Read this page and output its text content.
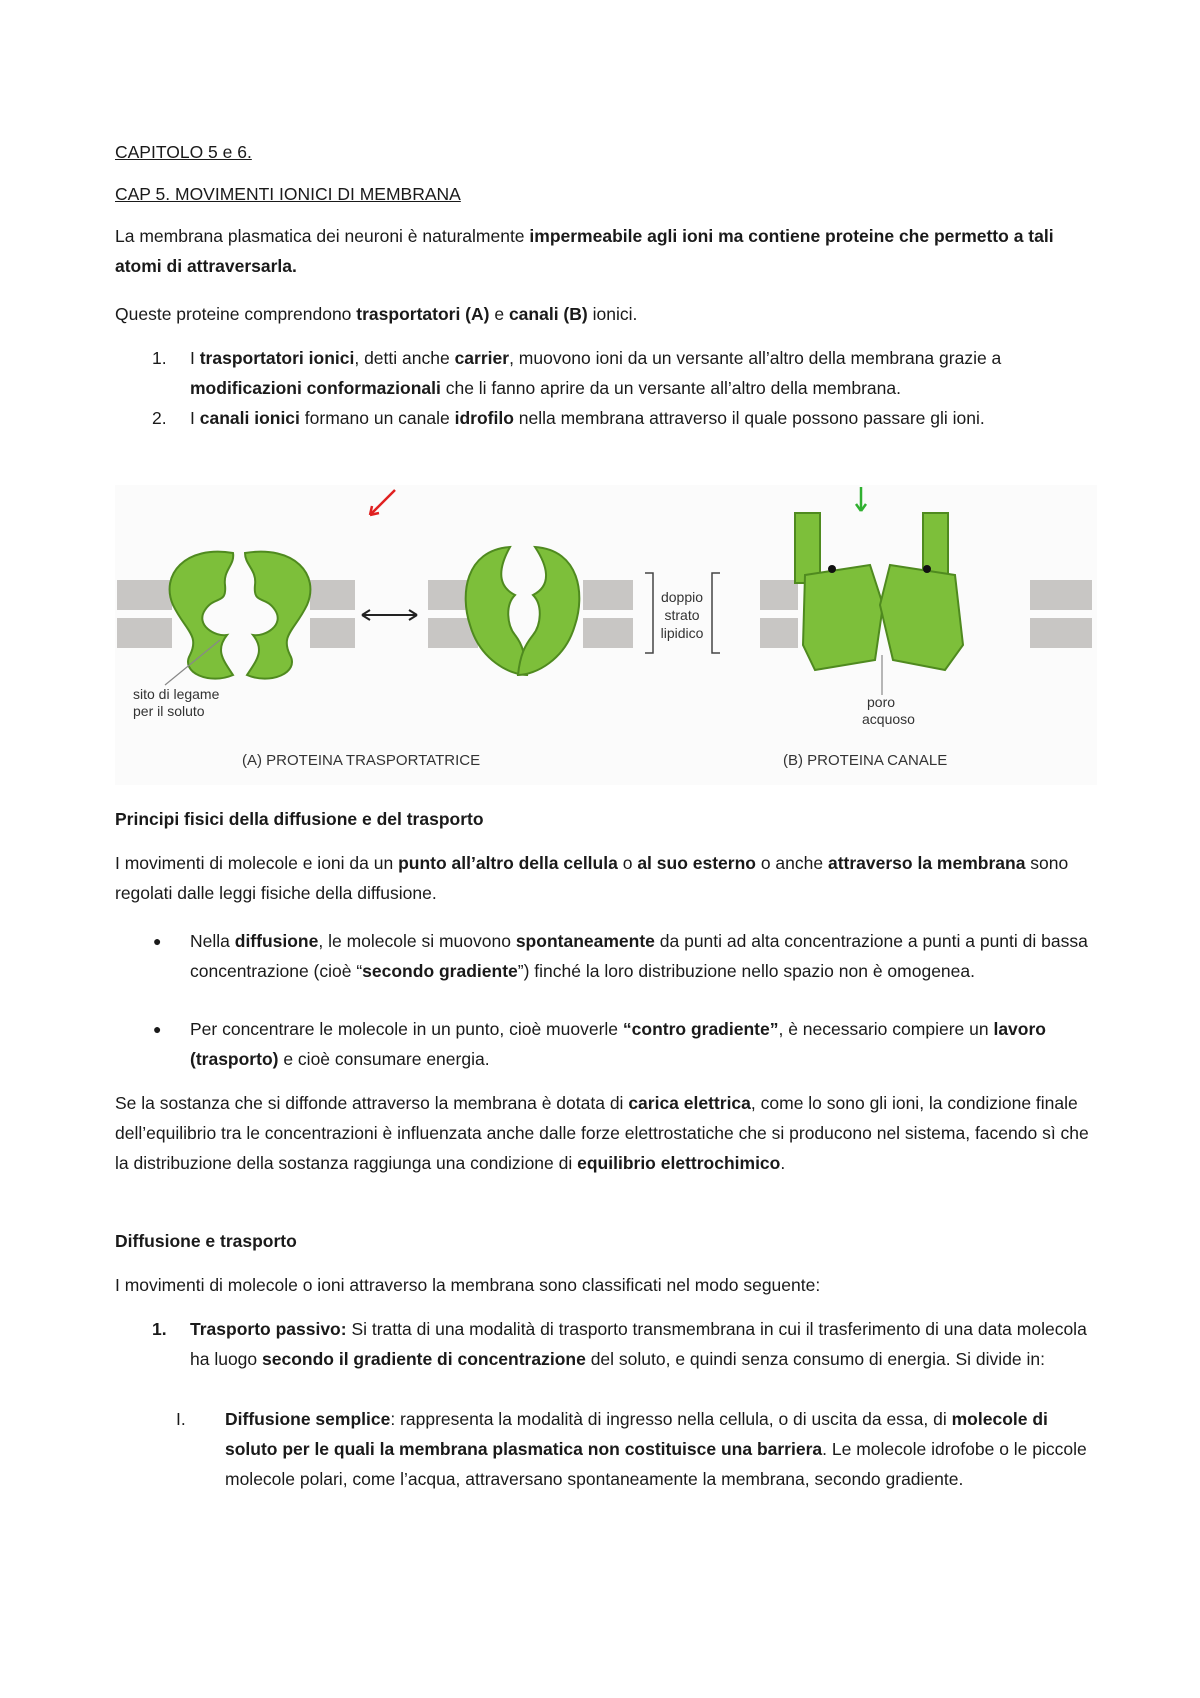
CAPITOLO 5 e 6.
CAP 5. MOVIMENTI IONICI DI MEMBRANA
La membrana plasmatica dei neuroni è naturalmente impermeabile agli ioni ma contiene proteine che permetto a tali atomi di attraversarla.
Queste proteine comprendono trasportatori (A) e canali (B) ionici.
1. I trasportatori ionici, detti anche carrier, muovono ioni da un versante all’altro della membrana grazie a modificazioni conformazionali che li fanno aprire da un versante all’altro della membrana.
2. I canali ionici formano un canale idrofilo nella membrana attraverso il quale possono passare gli ioni.
doppio
strato
lipidico
sito di legame
per il soluto
poro
acquoso
(A) PROTEINA TRASPORTATRICE	(B) PROTEINA CANALE
Principi fisici della diffusione e del trasporto
I movimenti di molecole e ioni da un punto all’altro della cellula o al suo esterno o anche attraverso la membrana sono regolati dalle leggi fisiche della diffusione.
● Nella diffusione, le molecole si muovono spontaneamente da punti ad alta concentrazione a punti a punti di bassa concentrazione (cioè “secondo gradiente”) finché la loro distribuzione nello spazio non è omogenea.
● Per concentrare le molecole in un punto, cioè muoverle “contro gradiente”, è necessario compiere un lavoro (trasporto) e cioè consumare energia.
Se la sostanza che si diffonde attraverso la membrana è dotata di carica elettrica, come lo sono gli ioni, la condizione finale dell’equilibrio tra le concentrazioni è influenzata anche dalle forze elettrostatiche che si producono nel sistema, facendo sì che la distribuzione della sostanza raggiunga una condizione di equilibrio elettrochimico.
Diffusione e trasporto
I movimenti di molecole o ioni attraverso la membrana sono classificati nel modo seguente:
1. Trasporto passivo: Si tratta di una modalità di trasporto transmembrana in cui il trasferimento di una data molecola ha luogo secondo il gradiente di concentrazione del soluto, e quindi senza consumo di energia. Si divide in:
I. Diffusione semplice: rappresenta la modalità di ingresso nella cellula, o di uscita da essa, di molecole di soluto per le quali la membrana plasmatica non costituisce una barriera. Le molecole idrofobe o le piccole molecole polari, come l’acqua, attraversano spontaneamente la membrana, secondo gradiente.
